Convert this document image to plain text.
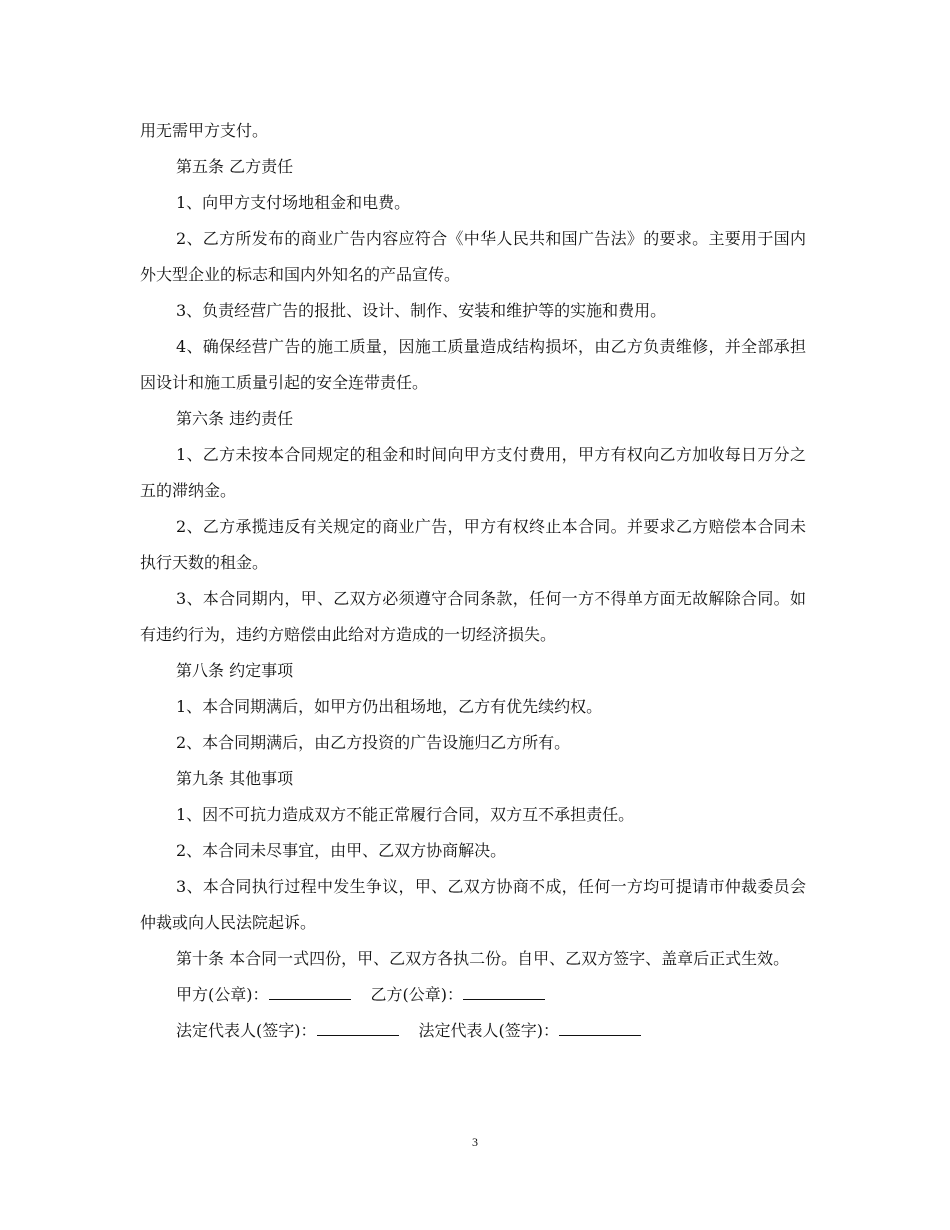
用无需甲方支付。

第五条 乙方责任

1、向甲方支付场地租金和电费。

2、乙方所发布的商业广告内容应符合《中华人民共和国广告法》的要求。主要用于国内外大型企业的标志和国内外知名的产品宣传。

3、负责经营广告的报批、设计、制作、安装和维护等的实施和费用。

4、确保经营广告的施工质量，因施工质量造成结构损坏，由乙方负责维修，并全部承担因设计和施工质量引起的安全连带责任。

第六条 违约责任

1、乙方未按本合同规定的租金和时间向甲方支付费用，甲方有权向乙方加收每日万分之五的滞纳金。

2、乙方承揽违反有关规定的商业广告，甲方有权终止本合同。并要求乙方赔偿本合同未执行天数的租金。

3、本合同期内，甲、乙双方必须遵守合同条款，任何一方不得单方面无故解除合同。如有违约行为，违约方赔偿由此给对方造成的一切经济损失。

第八条 约定事项

1、本合同期满后，如甲方仍出租场地，乙方有优先续约权。

2、本合同期满后，由乙方投资的广告设施归乙方所有。

第九条 其他事项

1、因不可抗力造成双方不能正常履行合同，双方互不承担责任。

2、本合同未尽事宜，由甲、乙双方协商解决。

3、本合同执行过程中发生争议，甲、乙双方协商不成，任何一方均可提请市仲裁委员会仲裁或向人民法院起诉。

第十条 本合同一式四份，甲、乙双方各执二份。自甲、乙双方签字、盖章后正式生效。

甲方(公章)：	乙方(公章)：

法定代表人(签字)：	法定代表人(签字)：

3
